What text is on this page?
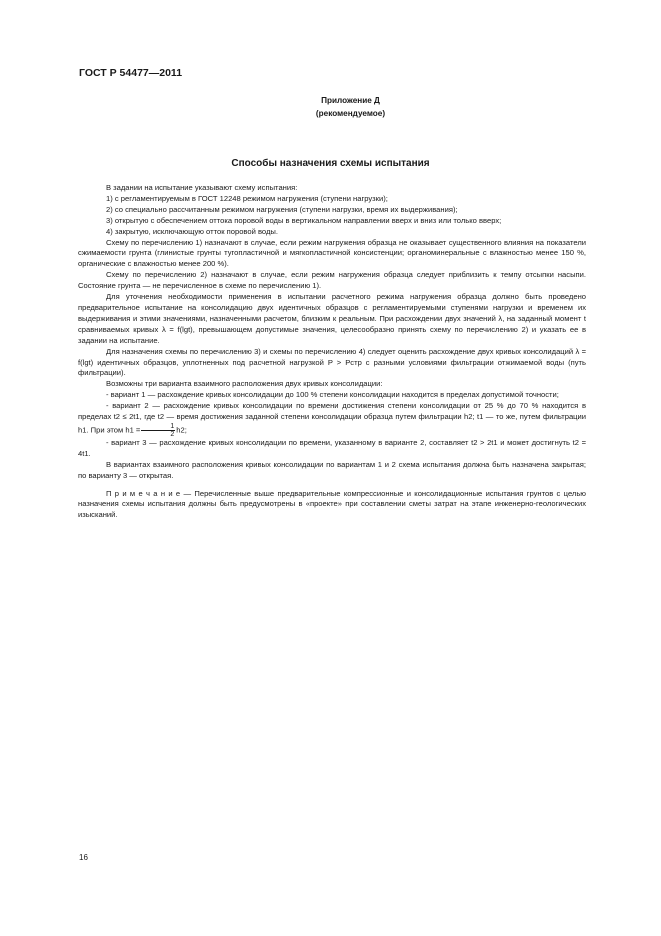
ГОСТ Р 54477—2011
Приложение Д
(рекомендуемое)
Способы назначения схемы испытания

В задании на испытание указывают схему испытания:

1) с регламентируемым в ГОСТ 12248 режимом нагружения (ступени нагрузки);

2) со специально рассчитанным режимом нагружения (ступени нагрузки, время их выдерживания);

3) открытую с обеспечением оттока поровой воды в вертикальном направлении вверх и вниз или только вверх;

4) закрытую, исключающую отток поровой воды.

Схему по перечислению 1) назначают в случае, если режим нагружения образца не оказывает существенного влияния на показатели сжимаемости грунта (глинистые грунты тугопластичной и мягкопластичной консистенции; органоминеральные с влажностью менее 150 %, органические с влажностью менее 200 %).

Схему по перечислению 2) назначают в случае, если режим нагружения образца следует приблизить к темпу отсыпки насыпи. Состояние грунта — не перечисленное в схеме по перечислению 1).

Для уточнения необходимости применения в испытании расчетного режима нагружения образца должно быть проведено предварительное испытание на консолидацию двух идентичных образцов с регламентируемыми ступенями нагрузки и временем их выдерживания и этими значениями, назначенными расчетом, близким к реальным. При расхождении двух значений λ, на заданный момент t сравниваемых кривых λ = f(lgt), превышающем допустимые значения, целесообразно принять схему по перечислению 2) и указать ее в задании на испытание.

Для назначения схемы по перечислению 3) и схемы по перечислению 4) следует оценить расхождение двух кривых консолидаций λ = f(lgt) идентичных образцов, уплотненных под расчетной нагрузкой P > Pстр с разными условиями фильтрации отжимаемой воды (путь фильтрации).

Возможны три варианта взаимного расположения двух кривых консолидации:

- вариант 1 — расхождение кривых консолидации до 100 % степени консолидации находится в пределах допустимой точности;

- вариант 2 — расхождение кривых консолидации по времени достижения степени консолидации от 25 % до 70 % находится в пределах t2 ≤ 2t1, где t2 — время достижения заданной степени консолидации образца путем фильтрации h2; t1 — то же, путем фильтрации h1. При этом $h1 = \frac{1}{2} h2$;

- вариант 3 — расхождение кривых консолидации по времени, указанному в варианте 2, составляет t2 > 2t1 и может достигнуть t2 = 4t1.

В вариантах взаимного расположения кривых консолидации по вариантам 1 и 2 схема испытания должна быть назначена закрытая; по варианту 3 — открытая.

П р и м е ч а н и е — Перечисленные выше предварительные компрессионные и консолидационные испытания грунтов с целью назначения схемы испытания должны быть предусмотрены в «проекте» при составлении сметы затрат на этапе инженерно-геологических изысканий.

16
